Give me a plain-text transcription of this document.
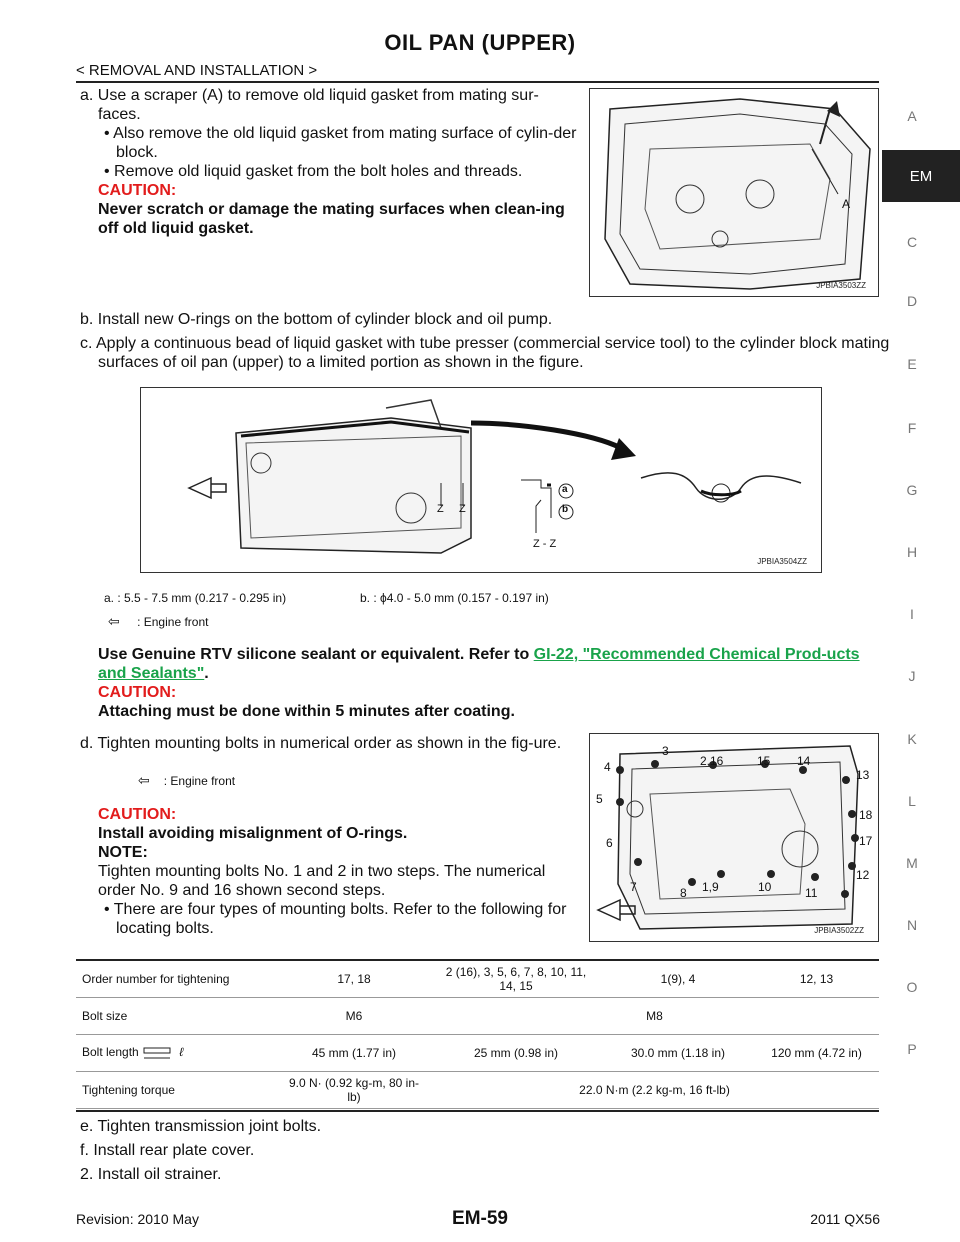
OIL PAN (UPPER)
< REMOVAL AND INSTALLATION >
A
EM
C
D
E
F
G
H
I
J
K
L
M
N
O
P

a. Use a scraper (A) to remove old liquid gasket from mating sur-faces.

• Also remove the old liquid gasket from mating surface of cylin-der block.

• Remove old liquid gasket from the bolt holes and threads.

CAUTION:

Never scratch or damage the mating surfaces when clean-ing off old liquid gasket.

A
JPBIA3503ZZ

b. Install new O-rings on the bottom of cylinder block and oil pump.

c. Apply a continuous bead of liquid gasket with tube presser (commercial service tool) to the cylinder block mating surfaces of oil pan (upper) to a limited portion as shown in the figure.

Z Z
Z - Z
a
b
JPBIA3504ZZ
a. : 5.5 - 7.5 mm (0.217 - 0.295 in)	b. : ϕ4.0 - 5.0 mm (0.157 - 0.197 in)
⇦ : Engine front

Use Genuine RTV silicone sealant or equivalent. Refer to GI-22, "Recommended Chemical Prod-ucts and Sealants".

CAUTION:

Attaching must be done within 5 minutes after coating.

d. Tighten mounting bolts in numerical order as shown in the fig-ure.

⇦ : Engine front

CAUTION:

Install avoiding misalignment of O-rings.

NOTE:

Tighten mounting bolts No. 1 and 2 in two steps. The numerical order No. 9 and 16 shown second steps.

• There are four types of mounting bolts. Refer to the following for locating bolts.

3
4	2,16	15 14
5
13
18
6	17
12
7	8 1,9	10	11
JPBIA3502ZZ
Order number for tightening	17, 18	2 (16), 3, 5, 6, 7, 8, 10, 11, 14, 15	1(9), 4	12, 13
Bolt size	M6	M8		
Bolt length ℓ	45 mm (1.77 in)	25 mm (0.98 in)	30.0 mm (1.18 in)	120 mm (4.72 in)
Tightening torque	9.0 N· (0.92 kg-m, 80 in-lb)	22.0 N·m (2.2 kg-m, 16 ft-lb)		

e. Tighten transmission joint bolts.

f. Install rear plate cover.

2. Install oil strainer.

Revision: 2010 May	EM-59	2011 QX56
